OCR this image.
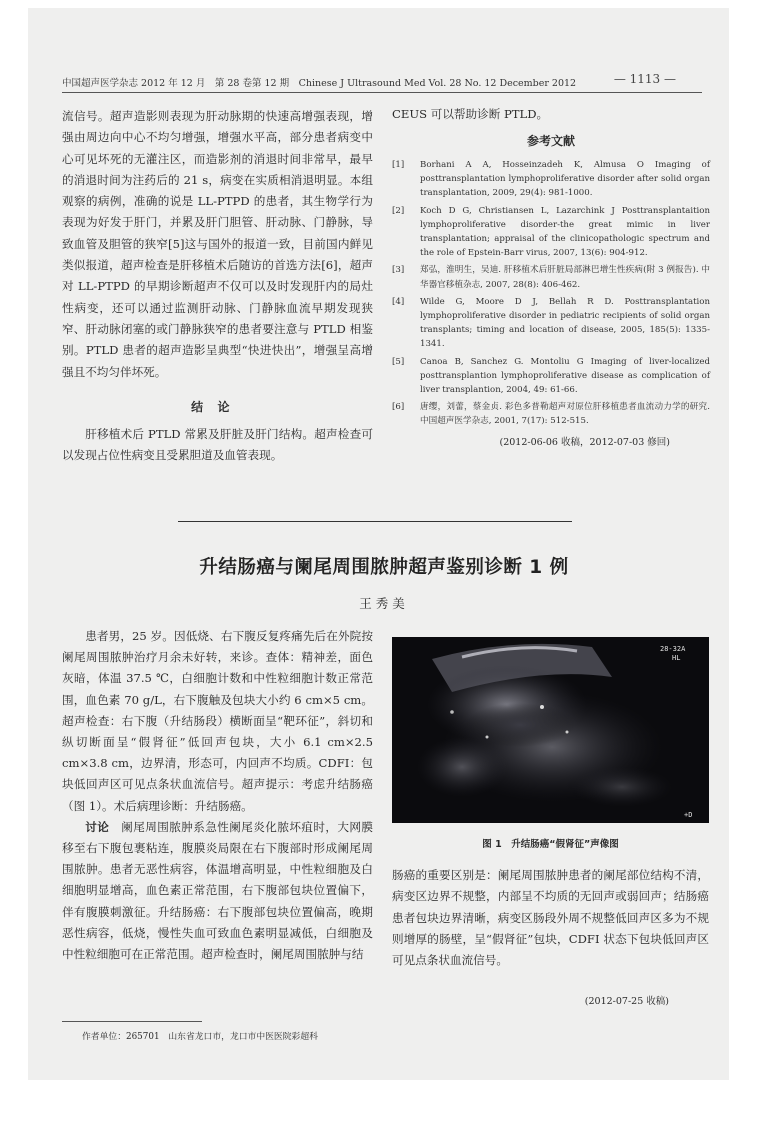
中国超声医学杂志 2012 年 12 月　第 28 卷第 12 期　Chinese J Ultrasound Med Vol. 28 No. 12 December 2012	— 1113 —

流信号。超声造影则表现为肝动脉期的快速高增强表现，增强由周边向中心不均匀增强，增强水平高，部分患者病变中心可见坏死的无灌注区，而造影剂的消退时间非常早，最早的消退时间为注药后的 21 s，病变在实质相消退明显。本组观察的病例，准确的说是 LL-PTPD 的患者，其生物学行为表现为好发于肝门，并累及肝门胆管、肝动脉、门静脉，导致血管及胆管的狭窄[5]这与国外的报道一致，目前国内鲜见类似报道，超声检查是肝移植术后随访的首选方法[6]，超声对 LL-PTPD 的早期诊断超声不仅可以及时发现肝内的局灶性病变，还可以通过监测肝动脉、门静脉血流早期发现狭窄、肝动脉闭塞的或门静脉狭窄的患者要注意与 PTLD 相鉴别。PTLD 患者的超声造影呈典型“快进快出”，增强呈高增强且不均匀伴坏死。

结论

肝移植术后 PTLD 常累及肝脏及肝门结构。超声检查可以发现占位性病变且受累胆道及血管表现。

CEUS 可以帮助诊断 PTLD。

参考文献

[1]	Borhani A A, Hosseinzadeh K, Almusa O Imaging of posttransplantation lymphoproliferative disorder after solid organ transplantation, 2009, 29(4): 981-1000.
[2]	Koch D G, Christiansen L, Lazarchink J Posttransplantaition lymphoproliferative disorder-the great mimic in liver transplantation; appraisal of the clinicopathologic spectrum and the role of Epstein-Barr virus, 2007, 13(6): 904-912.
[3]	郑弘，淮明生，吴迪. 肝移植术后肝脏局部淋巴增生性疾病(附 3 例报告). 中华器官移植杂志, 2007, 28(8): 406-462.
[4]	Wilde G, Moore D J, Bellah R D. Posttransplantation lymphoproliferative disorder in pediatric recipients of solid organ transplants; timing and location of disease, 2005, 185(5): 1335-1341.
[5]	Canoa B, Sanchez G. Montoliu G Imaging of liver-localized posttransplantion lymphoproliferative disease as complication of liver transplantion, 2004, 49: 61-66.
[6]	唐缨，刘蕾，蔡金贞. 彩色多普勒超声对原位肝移植患者血流动力学的研究. 中国超声医学杂志, 2001, 7(17): 512-515.

(2012-06-06 收稿，2012-07-03 修回)

升结肠癌与阑尾周围脓肿超声鉴别诊断 1 例
王秀美

患者男，25 岁。因低烧、右下腹反复疼痛先后在外院按阑尾周围脓肿治疗月余未好转，来诊。查体：精神差，面色灰暗，体温 37.5 ℃，白细胞计数和中性粒细胞计数正常范围，血色素 70 g/L，右下腹触及包块大小约 6 cm×5 cm。超声检查：右下腹（升结肠段）横断面呈“靶环征”，斜切和纵切断面呈“假肾征”低回声包块，大小 6.1 cm×2.5 cm×3.8 cm，边界清，形态可，内回声不均质。CDFI：包块低回声区可见点条状血流信号。超声提示：考虑升结肠癌（图 1）。术后病理诊断：升结肠癌。

讨论　 阑尾周围脓肿系急性阑尾炎化脓坏疽时，大网膜移至右下腹包裹粘连，腹膜炎局限在右下腹部时形成阑尾周围脓肿。患者无恶性病容，体温增高明显，中性粒细胞及白细胞明显增高，血色素正常范围，右下腹部包块位置偏下，伴有腹膜刺激征。升结肠癌：右下腹部包块位置偏高，晚期恶性病容，低烧，慢性失血可致血色素明显减低，白细胞及中性粒细胞可在正常范围。超声检查时，阑尾周围脓肿与结

28-32A
HL
+D
图 1　升结肠癌“假肾征”声像图

肠癌的重要区别是：阑尾周围脓肿患者的阑尾部位结构不清，病变区边界不规整，内部呈不均质的无回声或弱回声；结肠癌患者包块边界清晰，病变区肠段外周不规整低回声区多为不规则增厚的肠壁，呈“假肾征”包块，CDFI 状态下包块低回声区可见点条状血流信号。

(2012-07-25 收稿)
作者单位：265701　山东省龙口市，龙口市中医医院彩超科
